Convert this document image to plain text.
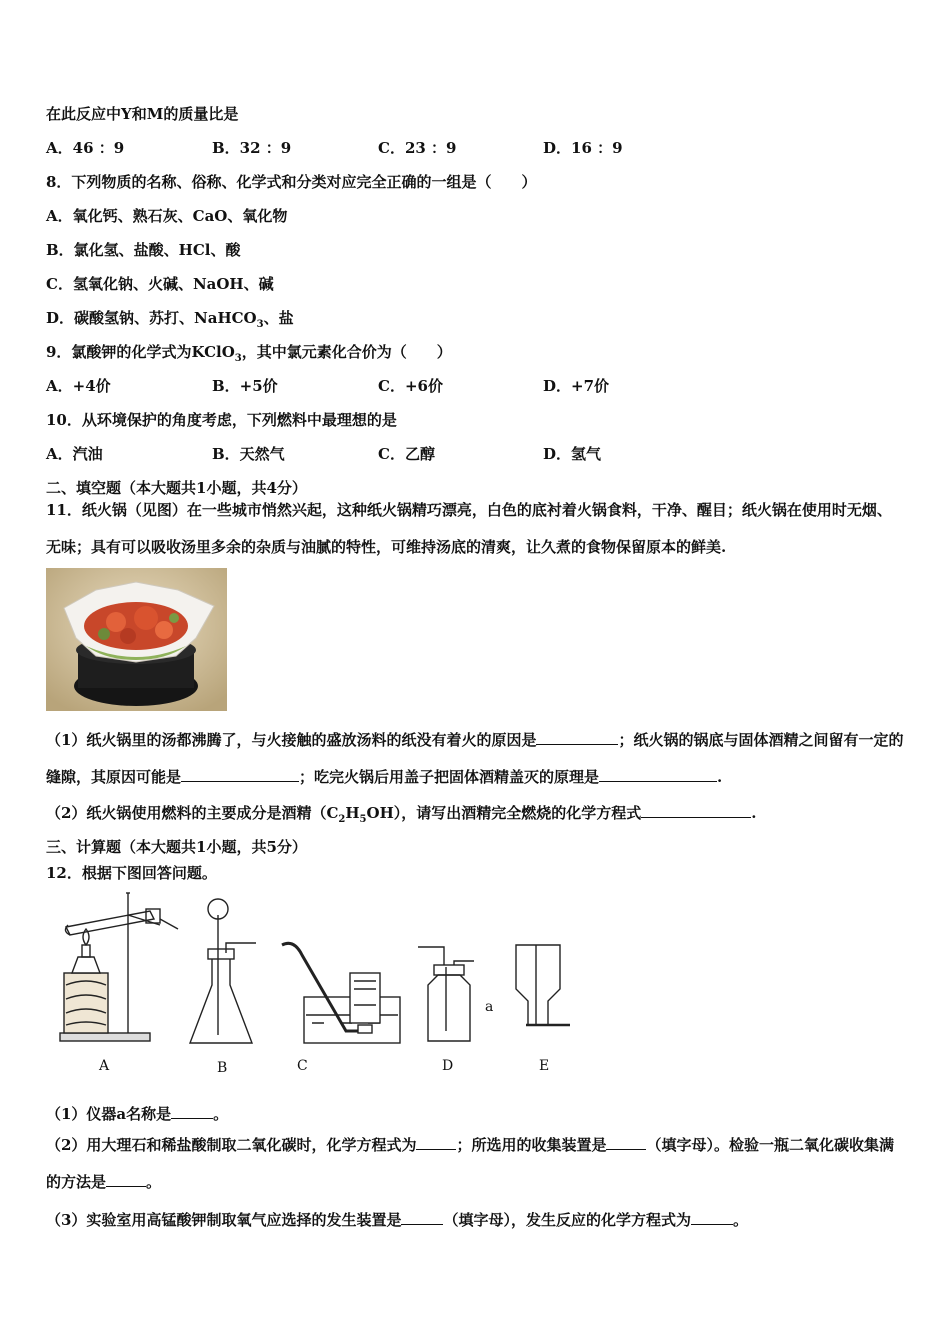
在此反应中Y和M的质量比是
A．46 ：9	B．32 ：9	C．23 ：9	D．16 ：9
8．下列物质的名称、俗称、化学式和分类对应完全正确的一组是（　　）
A．氧化钙、熟石灰、CaO、氧化物
B．氯化氢、盐酸、HCl、酸
C．氢氧化钠、火碱、NaOH、碱
D．碳酸氢钠、苏打、NaHCO$_3$、盐
9．氯酸钾的化学式为KClO$_3$，其中氯元素化合价为（　　）
A．+4价	B．+5价	C．+6价	D．+7价
10．从环境保护的角度考虑，下列燃料中最理想的是
A．汽油	B．天然气	C．乙醇	D．氢气
二、填空题（本大题共1小题，共4分）
11．纸火锅（见图）在一些城市悄然兴起，这种纸火锅精巧漂亮，白色的底衬着火锅食料，干净、醒目；纸火锅在使用时无烟、无味；具有可以吸收汤里多余的杂质与油腻的特性，可维持汤底的清爽，让久煮的食物保留原本的鲜美.
（1）纸火锅里的汤都沸腾了，与火接触的盛放汤料的纸没有着火的原因是	；纸火锅的锅底与固体酒精之间留有一定的缝隙，其原因可能是	；吃完火锅后用盖子把固体酒精盖灭的原理是	.
（2）纸火锅使用燃料的主要成分是酒精$(C_2H_5OH)$，请写出酒精完全燃烧的化学方程式	.
三、计算题（本大题共1小题，共5分）
12．根据下图回答问题。
A	B	C	D	E
a
（1）仪器a名称是	。
（2）用大理石和稀盐酸制取二氧化碳时，化学方程式为	；所选用的收集装置是	（填字母）。检验一瓶二氧化碳收集满的方法是	。
（3）实验室用高锰酸钾制取氧气应选择的发生装置是	（填字母），发生反应的化学方程式为	。
